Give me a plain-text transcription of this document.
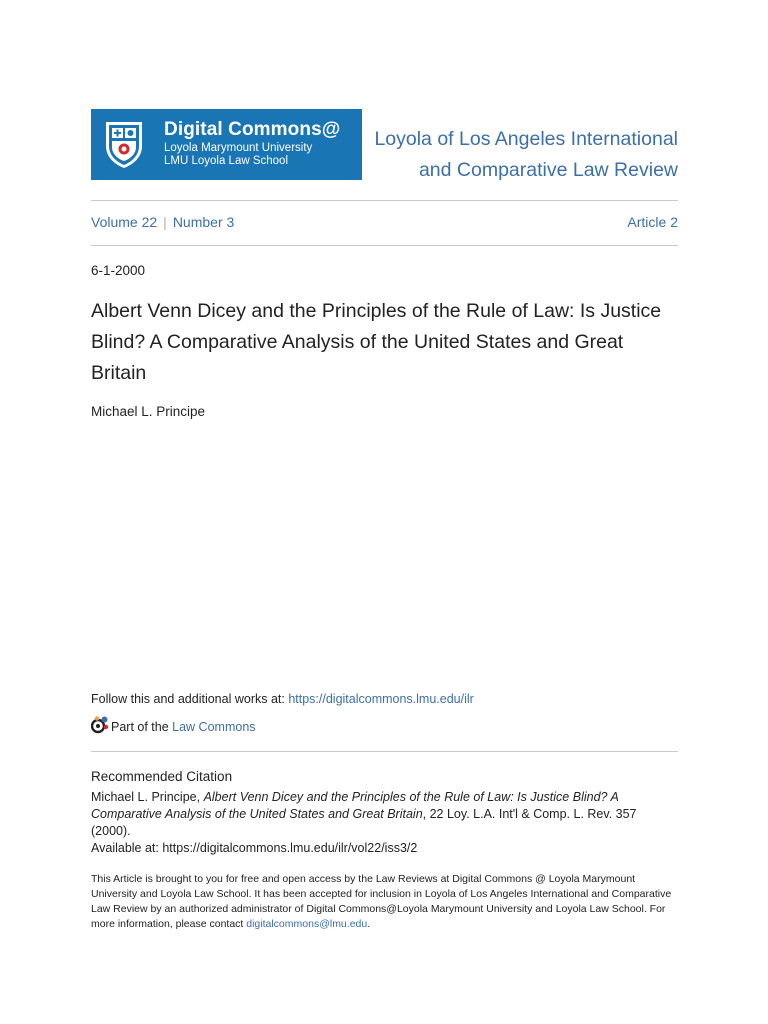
Digital Commons@
Loyola Marymount University
LMU Loyola Law School
Loyola of Los Angeles International
and Comparative Law Review
Volume 22 | Number 3	Article 2
6-1-2000
Albert Venn Dicey and the Principles of the Rule of Law: Is Justice Blind? A Comparative Analysis of the United States and Great Britain
Michael L. Principe
Follow this and additional works at: https://digitalcommons.lmu.edu/ilr
Part of the Law Commons
Recommended Citation
Michael L. Principe, Albert Venn Dicey and the Principles of the Rule of Law: Is Justice Blind? A Comparative Analysis of the United States and Great Britain, 22 Loy. L.A. Int'l & Comp. L. Rev. 357 (2000).
Available at: https://digitalcommons.lmu.edu/ilr/vol22/iss3/2
This Article is brought to you for free and open access by the Law Reviews at Digital Commons @ Loyola Marymount University and Loyola Law School. It has been accepted for inclusion in Loyola of Los Angeles International and Comparative Law Review by an authorized administrator of Digital Commons@Loyola Marymount University and Loyola Law School. For more information, please contact digitalcommons@lmu.edu.
